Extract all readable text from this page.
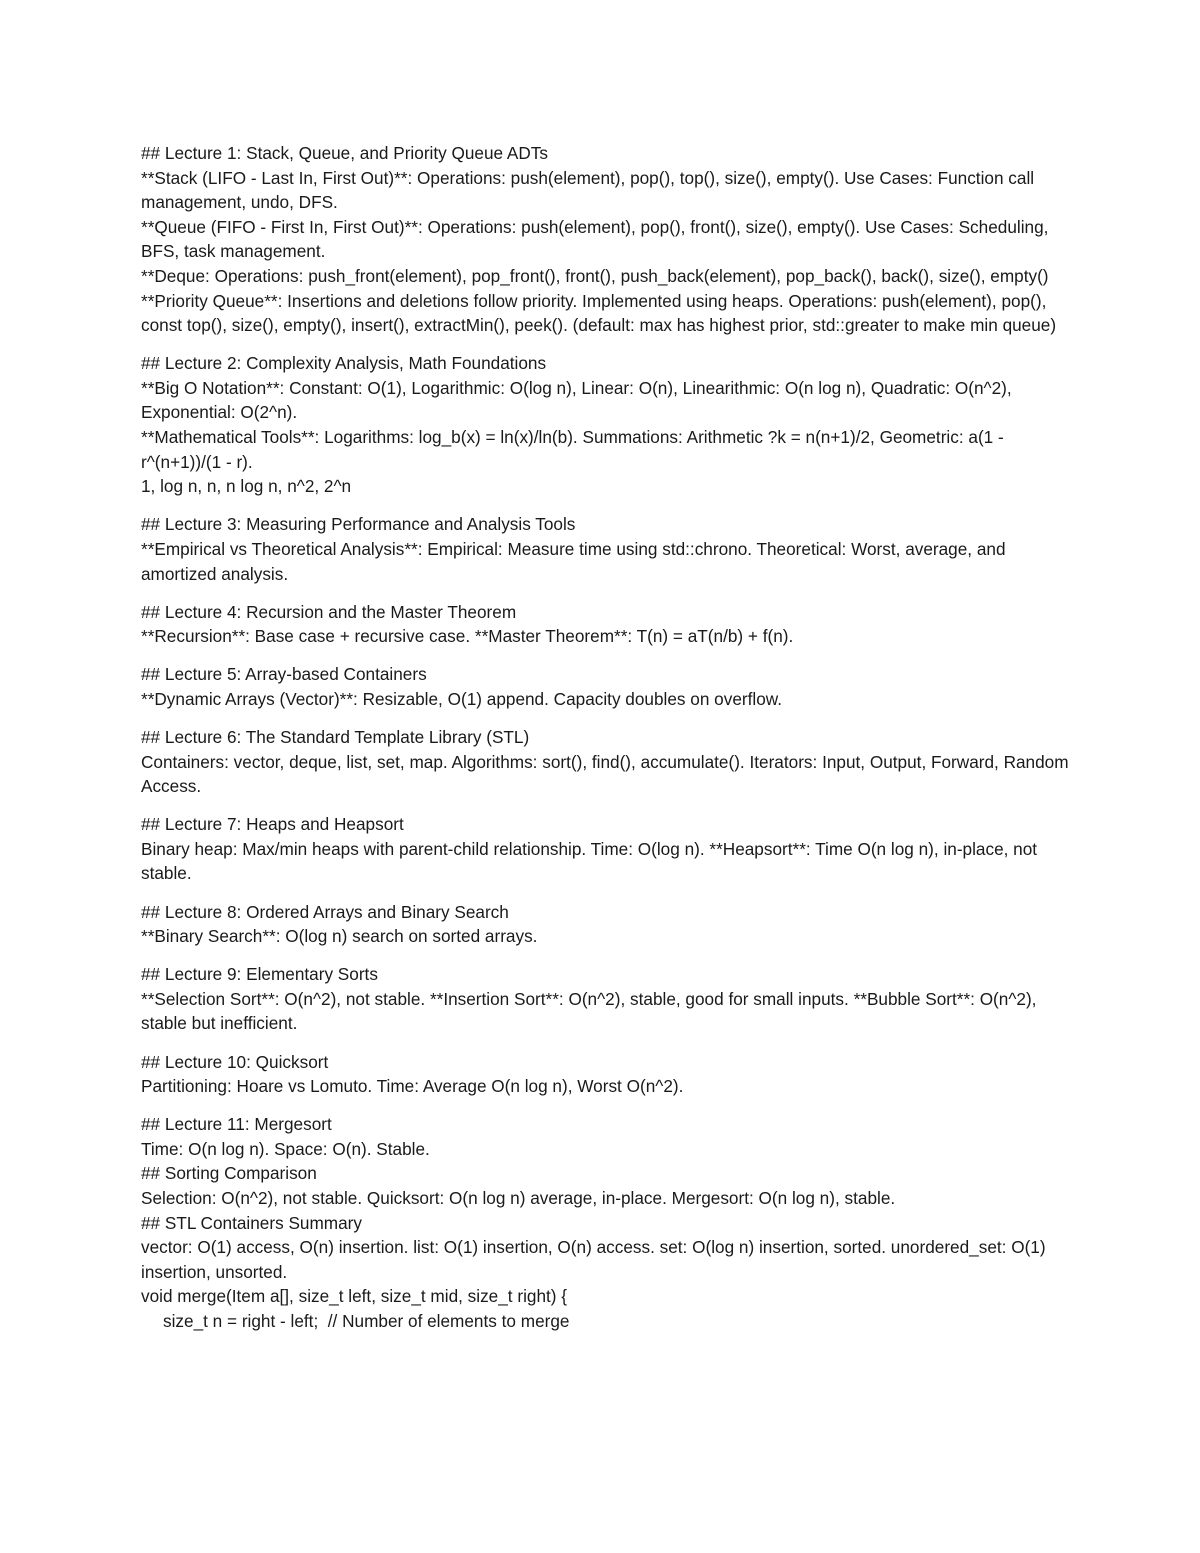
## Lecture 1: Stack, Queue, and Priority Queue ADTs

**Stack (LIFO - Last In, First Out)**: Operations: push(element), pop(), top(), size(), empty(). Use Cases: Function call management, undo, DFS.

**Queue (FIFO - First In, First Out)**: Operations: push(element), pop(), front(), size(), empty(). Use Cases: Scheduling, BFS, task management.

**Deque: Operations: push_front(element), pop_front(), front(), push_back(element), pop_back(), back(), size(), empty()

**Priority Queue**: Insertions and deletions follow priority. Implemented using heaps. Operations: push(element), pop(), const top(), size(), empty(), insert(), extractMin(), peek(). (default: max has highest prior, std::greater to make min queue)

## Lecture 2: Complexity Analysis, Math Foundations

**Big O Notation**: Constant: O(1), Logarithmic: O(log n), Linear: O(n), Linearithmic: O(n log n), Quadratic: O(n^2), Exponential: O(2^n).

**Mathematical Tools**: Logarithms: log_b(x) = ln(x)/ln(b). Summations: Arithmetic ?k = n(n+1)/2, Geometric: a(1 - r^(n+1))/(1 - r).

1, log n, n, n log n, n^2, 2^n

## Lecture 3: Measuring Performance and Analysis Tools

**Empirical vs Theoretical Analysis**: Empirical: Measure time using std::chrono. Theoretical: Worst, average, and amortized analysis.

## Lecture 4: Recursion and the Master Theorem

**Recursion**: Base case + recursive case. **Master Theorem**: T(n) = aT(n/b) + f(n).

## Lecture 5: Array-based Containers

**Dynamic Arrays (Vector)**: Resizable, O(1) append. Capacity doubles on overflow.

## Lecture 6: The Standard Template Library (STL)

Containers: vector, deque, list, set, map. Algorithms: sort(), find(), accumulate(). Iterators: Input, Output, Forward, Random Access.

## Lecture 7: Heaps and Heapsort

Binary heap: Max/min heaps with parent-child relationship. Time: O(log n). **Heapsort**: Time O(n log n), in-place, not stable.

## Lecture 8: Ordered Arrays and Binary Search

**Binary Search**: O(log n) search on sorted arrays.

## Lecture 9: Elementary Sorts

**Selection Sort**: O(n^2), not stable. **Insertion Sort**: O(n^2), stable, good for small inputs. **Bubble Sort**: O(n^2), stable but inefficient.

## Lecture 10: Quicksort

Partitioning: Hoare vs Lomuto. Time: Average O(n log n), Worst O(n^2).

## Lecture 11: Mergesort

Time: O(n log n). Space: O(n). Stable.

## Sorting Comparison

Selection: O(n^2), not stable. Quicksort: O(n log n) average, in-place. Mergesort: O(n log n), stable.

## STL Containers Summary

vector: O(1) access, O(n) insertion. list: O(1) insertion, O(n) access. set: O(log n) insertion, sorted. unordered_set: O(1) insertion, unsorted.

void merge(Item a[], size_t left, size_t mid, size_t right) {

size_t n = right - left;  // Number of elements to merge
